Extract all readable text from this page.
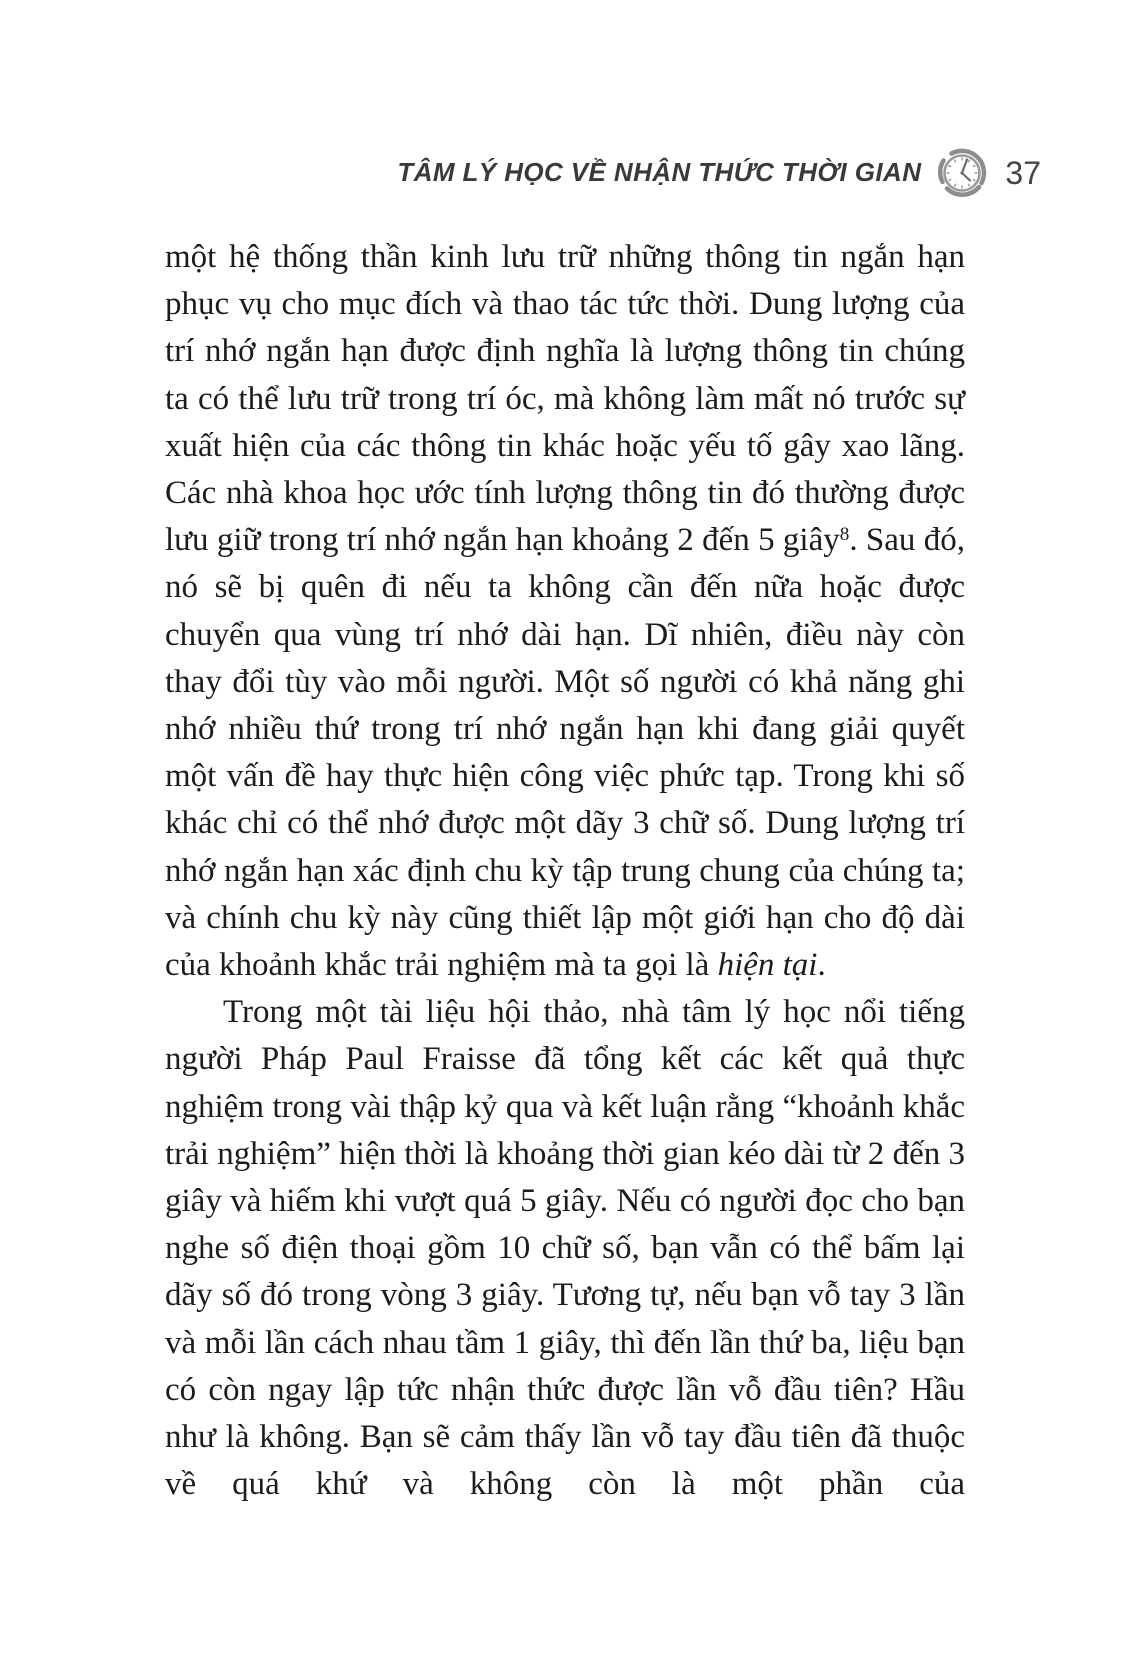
TÂM LÝ HỌC VỀ NHẬN THỨC THỜI GIAN	37

một hệ thống thần kinh lưu trữ những thông tin ngắn hạn phục vụ cho mục đích và thao tác tức thời. Dung lượng của trí nhớ ngắn hạn được định nghĩa là lượng thông tin chúng ta có thể lưu trữ trong trí óc, mà không làm mất nó trước sự xuất hiện của các thông tin khác hoặc yếu tố gây xao lãng. Các nhà khoa học ước tính lượng thông tin đó thường được lưu giữ trong trí nhớ ngắn hạn khoảng 2 đến 5 giây$^8$. Sau đó, nó sẽ bị quên đi nếu ta không cần đến nữa hoặc được chuyển qua vùng trí nhớ dài hạn. Dĩ nhiên, điều này còn thay đổi tùy vào mỗi người. Một số người có khả năng ghi nhớ nhiều thứ trong trí nhớ ngắn hạn khi đang giải quyết một vấn đề hay thực hiện công việc phức tạp. Trong khi số khác chỉ có thể nhớ được một dãy 3 chữ số. Dung lượng trí nhớ ngắn hạn xác định chu kỳ tập trung chung của chúng ta; và chính chu kỳ này cũng thiết lập một giới hạn cho độ dài của khoảnh khắc trải nghiệm mà ta gọi là hiện tại.

Trong một tài liệu hội thảo, nhà tâm lý học nổi tiếng người Pháp Paul Fraisse đã tổng kết các kết quả thực nghiệm trong vài thập kỷ qua và kết luận rằng “khoảnh khắc trải nghiệm” hiện thời là khoảng thời gian kéo dài từ 2 đến 3 giây và hiếm khi vượt quá 5 giây. Nếu có người đọc cho bạn nghe số điện thoại gồm 10 chữ số, bạn vẫn có thể bấm lại dãy số đó trong vòng 3 giây. Tương tự, nếu bạn vỗ tay 3 lần và mỗi lần cách nhau tầm 1 giây, thì đến lần thứ ba, liệu bạn có còn ngay lập tức nhận thức được lần vỗ đầu tiên? Hầu như là không. Bạn sẽ cảm thấy lần vỗ tay đầu tiên đã thuộc về quá khứ và không còn là một phần của
